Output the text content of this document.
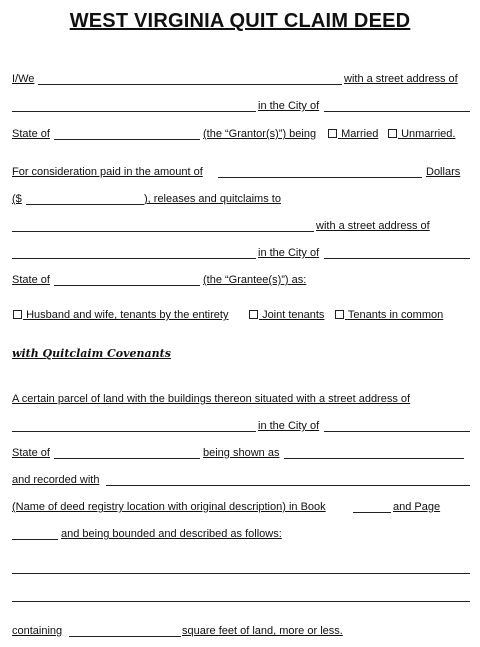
WEST VIRGINIA QUIT CLAIM DEED
I/We	with a street address of
in the City of
State of	(the “Grantor(s)”) being	Married	Unmarried.
For consideration paid in the amount of	Dollars
($	), releases and quitclaims to
with a street address of
in the City of
State of	(the “Grantee(s)”) as:
Husband and wife, tenants by the entirety	Joint tenants	Tenants in common
with Quitclaim Covenants
A certain parcel of land with the buildings thereon situated with a street address of
in the City of
State of	being shown as
and recorded with
(Name of deed registry location with original description) in Book	and Page
and being bounded and described as follows:
containing	square feet of land, more or less.
